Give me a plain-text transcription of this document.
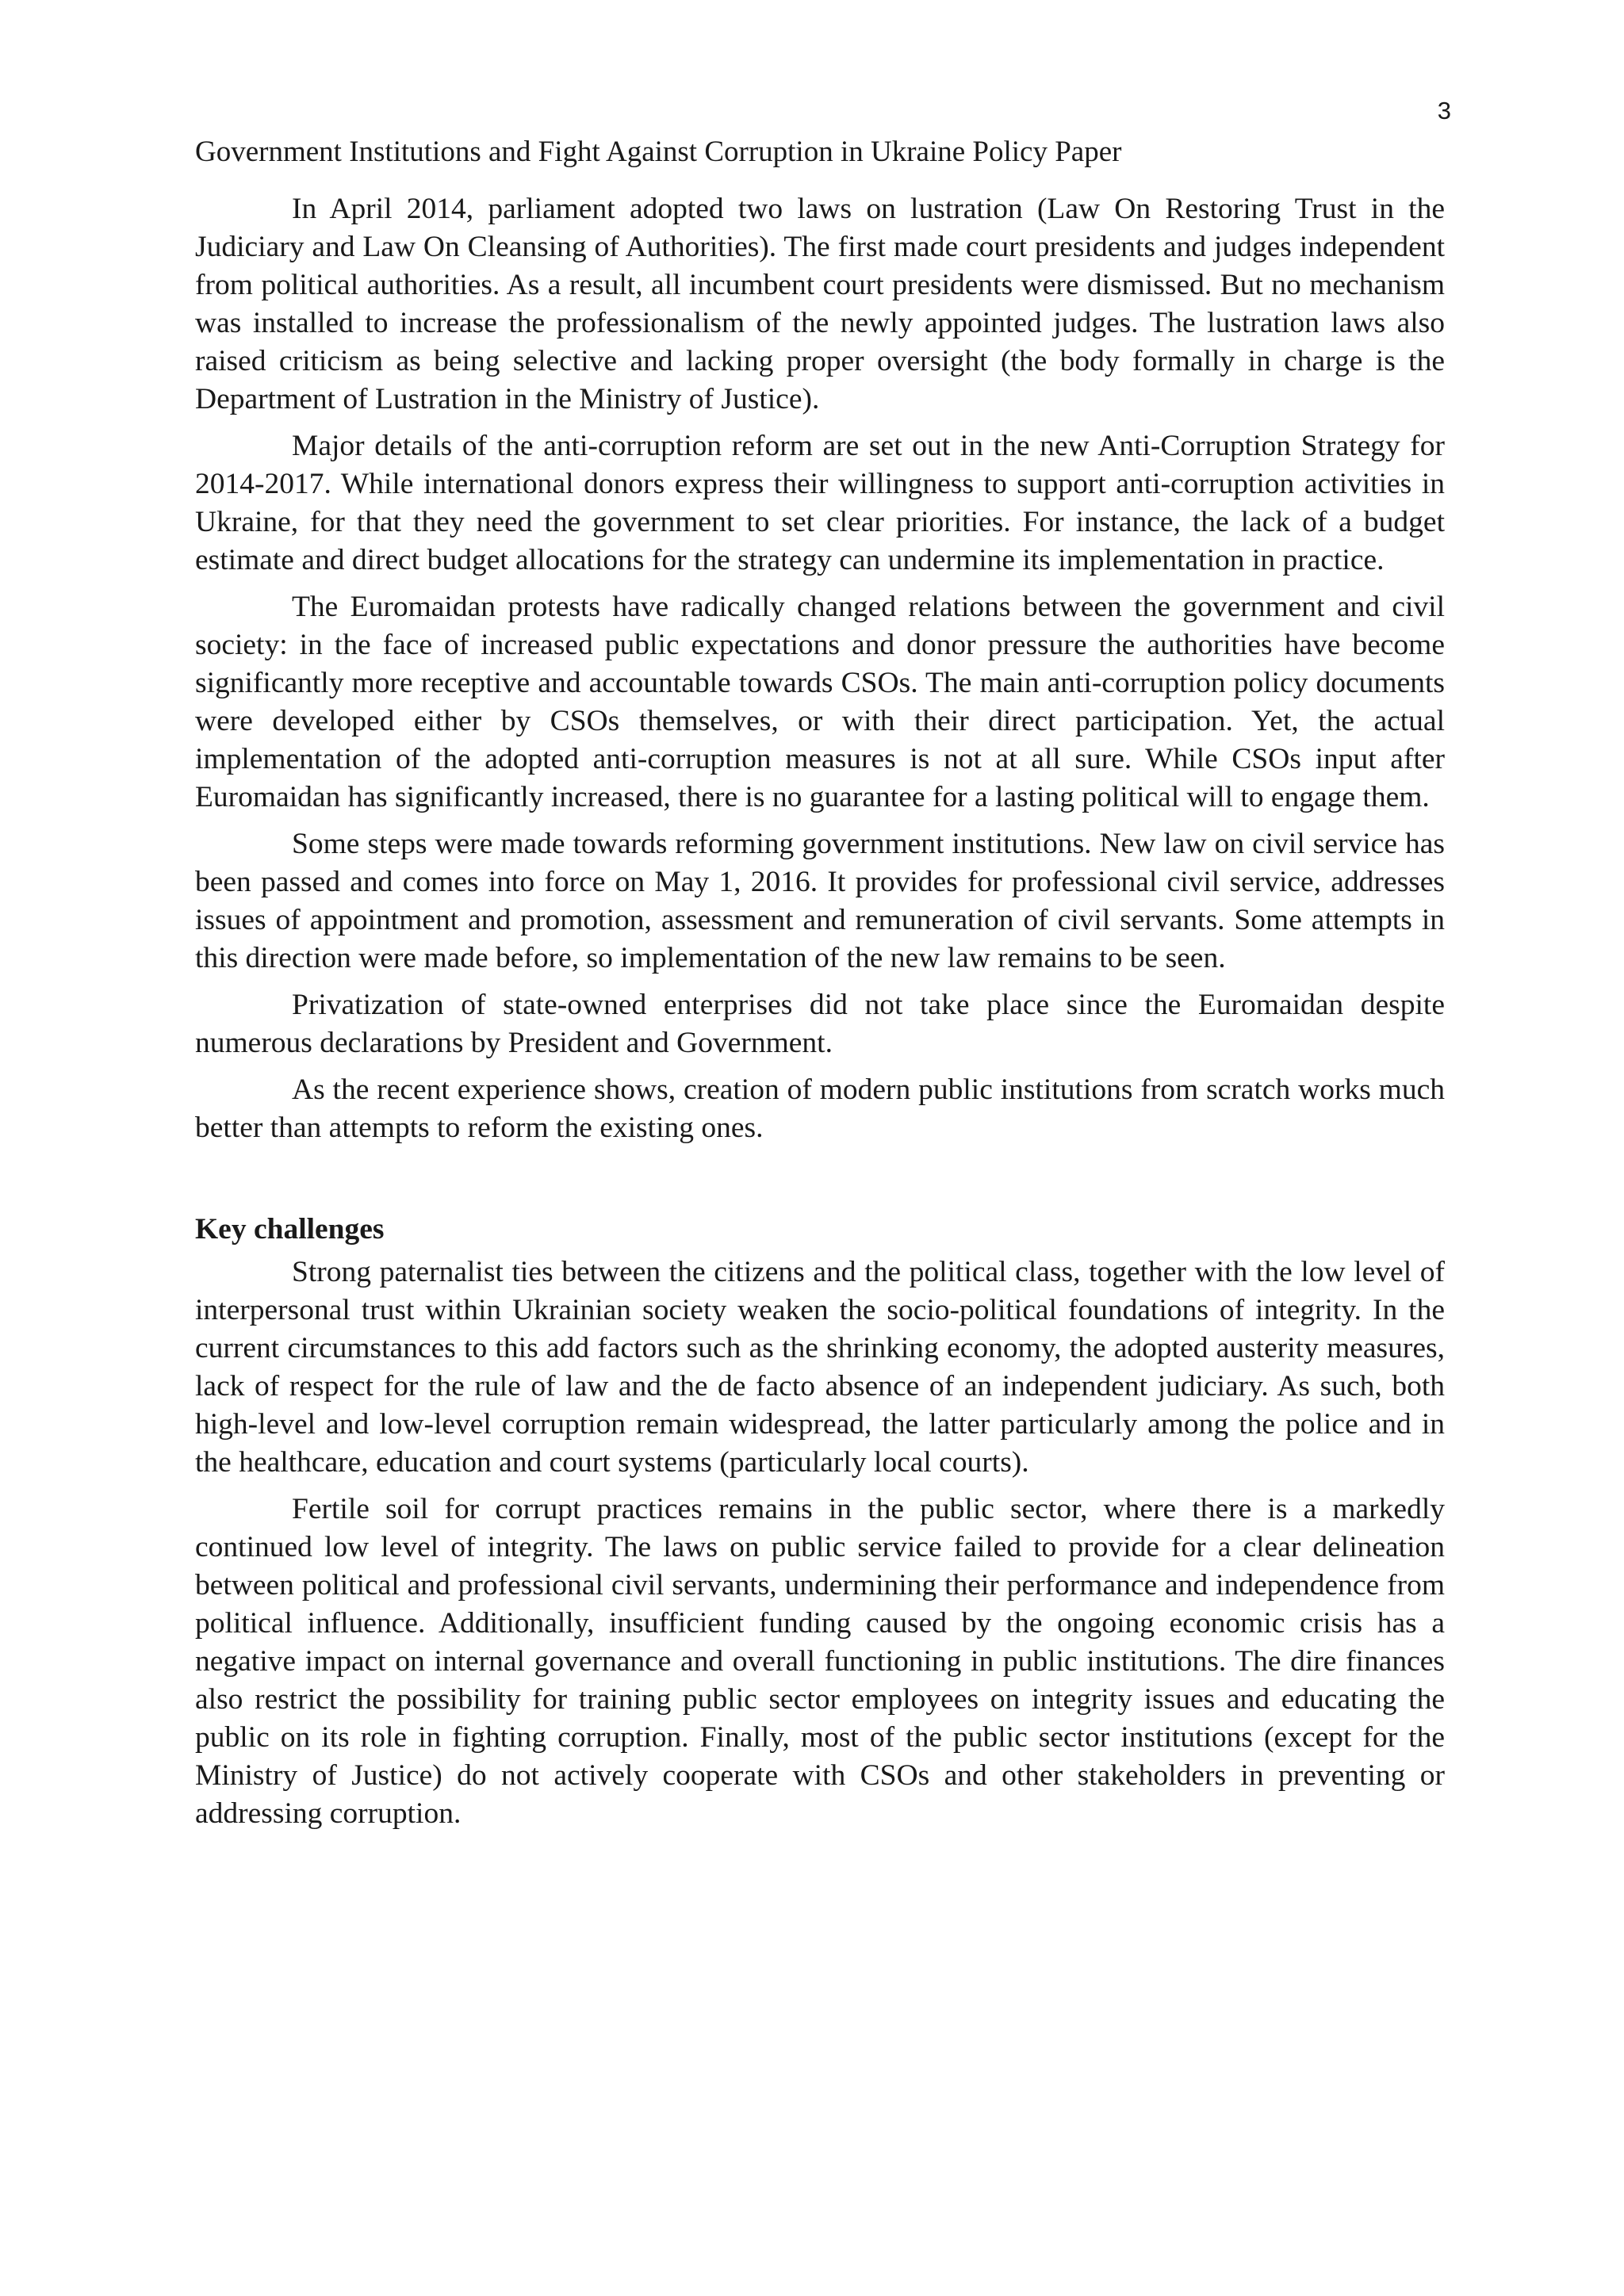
3
Government Institutions and Fight Against Corruption in Ukraine Policy Paper

In April 2014, parliament adopted two laws on lustration (Law On Restoring Trust in the Judiciary and Law On Cleansing of Authorities). The first made court presidents and judges independent from political authorities. As a result, all incumbent court presidents were dismissed. But no mechanism was installed to increase the professionalism of the newly appointed judges. The lustration laws also raised criticism as being selective and lacking proper oversight (the body formally in charge is the Department of Lustration in the Ministry of Justice).

Major details of the anti-corruption reform are set out in the new Anti-Corruption Strategy for 2014-2017. While international donors express their willingness to support anti-corruption activities in Ukraine, for that they need the government to set clear priorities. For instance, the lack of a budget estimate and direct budget allocations for the strategy can undermine its implementation in practice.

The Euromaidan protests have radically changed relations between the government and civil society: in the face of increased public expectations and donor pressure the authorities have become significantly more receptive and accountable towards CSOs. The main anti-corruption policy documents were developed either by CSOs themselves, or with their direct participation. Yet, the actual implementation of the adopted anti-corruption measures is not at all sure. While CSOs input after Euromaidan has significantly increased, there is no guarantee for a lasting political will to engage them.

Some steps were made towards reforming government institutions. New law on civil service has been passed and comes into force on May 1, 2016. It provides for professional civil service, addresses issues of appointment and promotion, assessment and remuneration of civil servants. Some attempts in this direction were made before, so implementation of the new law remains to be seen.

Privatization of state-owned enterprises did not take place since the Euromaidan despite numerous declarations by President and Government.

As the recent experience shows, creation of modern public institutions from scratch works much better than attempts to reform the existing ones.

Key challenges

Strong paternalist ties between the citizens and the political class, together with the low level of interpersonal trust within Ukrainian society weaken the socio-political foundations of integrity. In the current circumstances to this add factors such as the shrinking economy, the adopted austerity measures, lack of respect for the rule of law and the de facto absence of an independent judiciary. As such, both high-level and low-level corruption remain widespread, the latter particularly among the police and in the healthcare, education and court systems (particularly local courts).

Fertile soil for corrupt practices remains in the public sector, where there is a markedly continued low level of integrity. The laws on public service failed to provide for a clear delineation between political and professional civil servants, undermining their performance and independence from political influence. Additionally, insufficient funding caused by the ongoing economic crisis has a negative impact on internal governance and overall functioning in public institutions. The dire finances also restrict the possibility for training public sector employees on integrity issues and educating the public on its role in fighting corruption. Finally, most of the public sector institutions (except for the Ministry of Justice) do not actively cooperate with CSOs and other stakeholders in preventing or addressing corruption.
